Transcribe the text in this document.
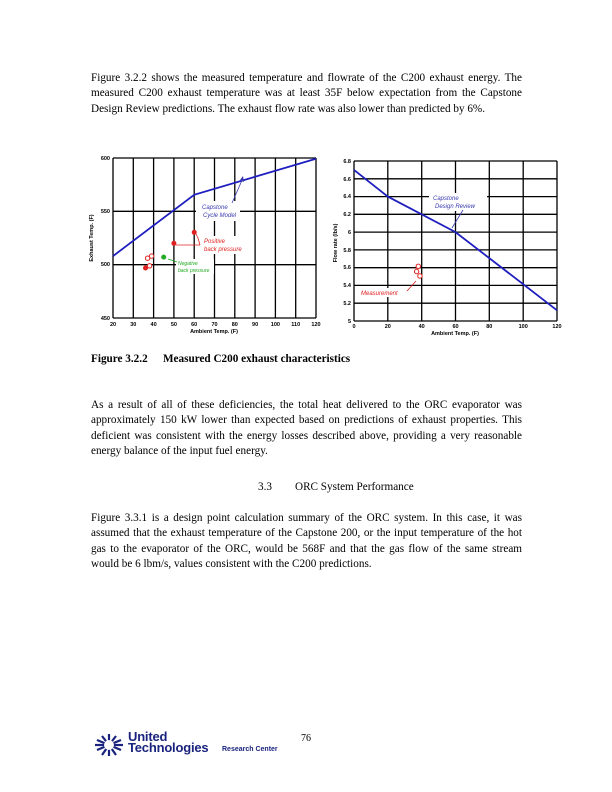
Figure 3.2.2 shows the measured temperature and flowrate of the C200 exhaust energy. The measured C200 exhaust temperature was at least 35F below expectation from the Capstone Design Review predictions. The exhaust flow rate was also lower than predicted by 6%.

Capstone
Cycle Model
Positive
back pressure
Negative
back pressure
600
550
500
450
20	30	40	50	60	70	80	90 100 110 120
Ambient Temp. (F)
Exhaust Temp. (F)
Capstone
Design Review
Measurement
6.8
6.6
6.4
6.2
6
5.8
5.6
5.4
5.2
5
0	20	40	60	80	100	120
Ambient Temp. (F)
Flow rate (lb/s)
Figure 3.2.2 Measured C200 exhaust characteristics

As a result of all of these deficiencies, the total heat delivered to the ORC evaporator was approximately 150 kW lower than expected based on predictions of exhaust properties. This deficient was consistent with the energy losses described above, providing a very reasonable energy balance of the input fuel energy.

3.3 ORC System Performance

Figure 3.3.1 is a design point calculation summary of the ORC system. In this case, it was assumed that the exhaust temperature of the Capstone 200, or the input temperature of the hot gas to the evaporator of the ORC, would be 568F and that the gas flow of the same stream would be 6 lbm/s, values consistent with the C200 predictions.

United
Technologies Research Center
76
